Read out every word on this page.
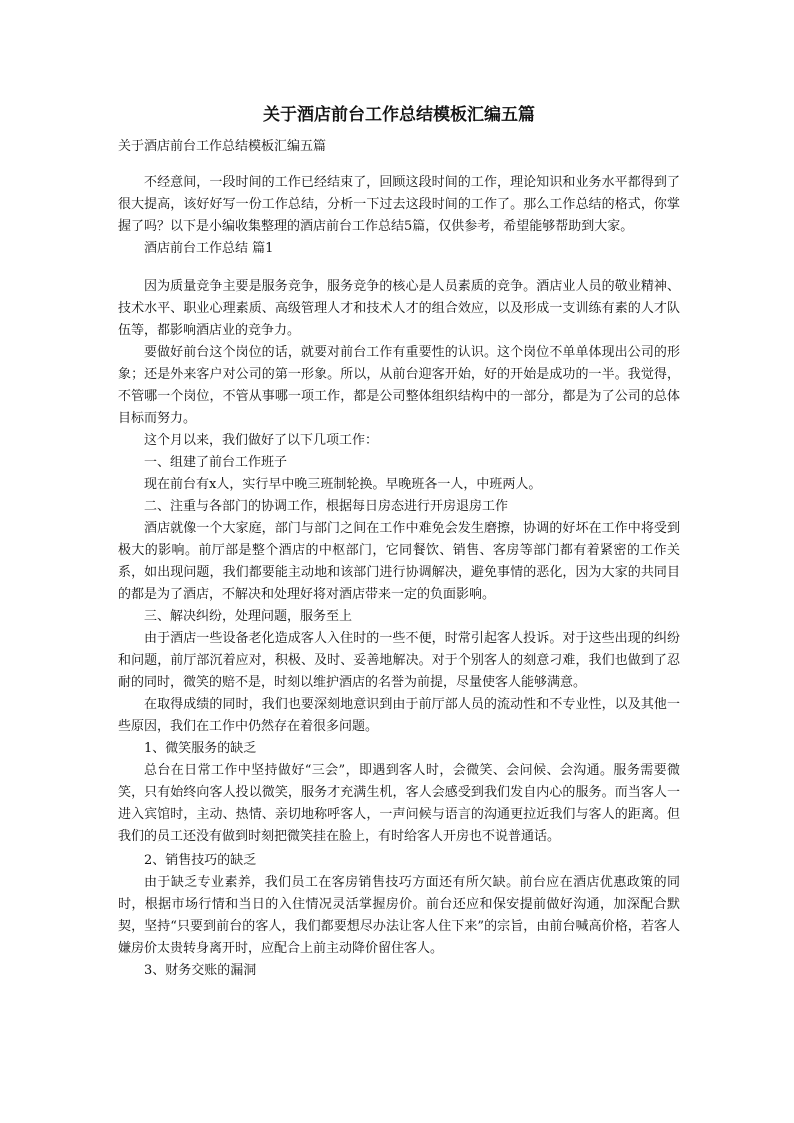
关于酒店前台工作总结模板汇编五篇

关于酒店前台工作总结模板汇编五篇

不经意间，一段时间的工作已经结束了，回顾这段时间的工作，理论知识和业务水平都得到了很大提高，该好好写一份工作总结，分析一下过去这段时间的工作了。那么工作总结的格式，你掌握了吗？以下是小编收集整理的酒店前台工作总结5篇，仅供参考，希望能够帮助到大家。

酒店前台工作总结 篇1

因为质量竞争主要是服务竞争，服务竞争的核心是人员素质的竞争。酒店业人员的敬业精神、技术水平、职业心理素质、高级管理人才和技术人才的组合效应，以及形成一支训练有素的人才队伍等，都影响酒店业的竞争力。

要做好前台这个岗位的话，就要对前台工作有重要性的认识。这个岗位不单单体现出公司的形象；还是外来客户对公司的第一形象。所以，从前台迎客开始，好的开始是成功的一半。我觉得，不管哪一个岗位，不管从事哪一项工作，都是公司整体组织结构中的一部分，都是为了公司的总体目标而努力。

这个月以来，我们做好了以下几项工作：

一、组建了前台工作班子

现在前台有x人，实行早中晚三班制轮换。早晚班各一人，中班两人。

二、注重与各部门的协调工作，根据每日房态进行开房退房工作

酒店就像一个大家庭，部门与部门之间在工作中难免会发生磨擦，协调的好坏在工作中将受到极大的影响。前厅部是整个酒店的中枢部门，它同餐饮、销售、客房等部门都有着紧密的工作关系，如出现问题，我们都要能主动地和该部门进行协调解决，避免事情的恶化，因为大家的共同目的都是为了酒店，不解决和处理好将对酒店带来一定的负面影响。

三、解决纠纷，处理问题，服务至上

由于酒店一些设备老化造成客人入住时的一些不便，时常引起客人投诉。对于这些出现的纠纷和问题，前厅部沉着应对，积极、及时、妥善地解决。对于个别客人的刻意刁难，我们也做到了忍耐的同时，微笑的赔不是，时刻以维护酒店的名誉为前提，尽量使客人能够满意。

在取得成绩的同时，我们也要深刻地意识到由于前厅部人员的流动性和不专业性，以及其他一些原因，我们在工作中仍然存在着很多问题。

1、微笑服务的缺乏

总台在日常工作中坚持做好“三会”，即遇到客人时，会微笑、会问候、会沟通。服务需要微笑，只有始终向客人投以微笑，服务才充满生机，客人会感受到我们发自内心的服务。而当客人一进入宾馆时，主动、热情、亲切地称呼客人，一声问候与语言的沟通更拉近我们与客人的距离。但我们的员工还没有做到时刻把微笑挂在脸上，有时给客人开房也不说普通话。

2、销售技巧的缺乏

由于缺乏专业素养，我们员工在客房销售技巧方面还有所欠缺。前台应在酒店优惠政策的同时，根据市场行情和当日的入住情况灵活掌握房价。前台还应和保安提前做好沟通，加深配合默契，坚持“只要到前台的客人，我们都要想尽办法让客人住下来”的宗旨，由前台喊高价格，若客人嫌房价太贵转身离开时，应配合上前主动降价留住客人。

3、财务交账的漏洞
